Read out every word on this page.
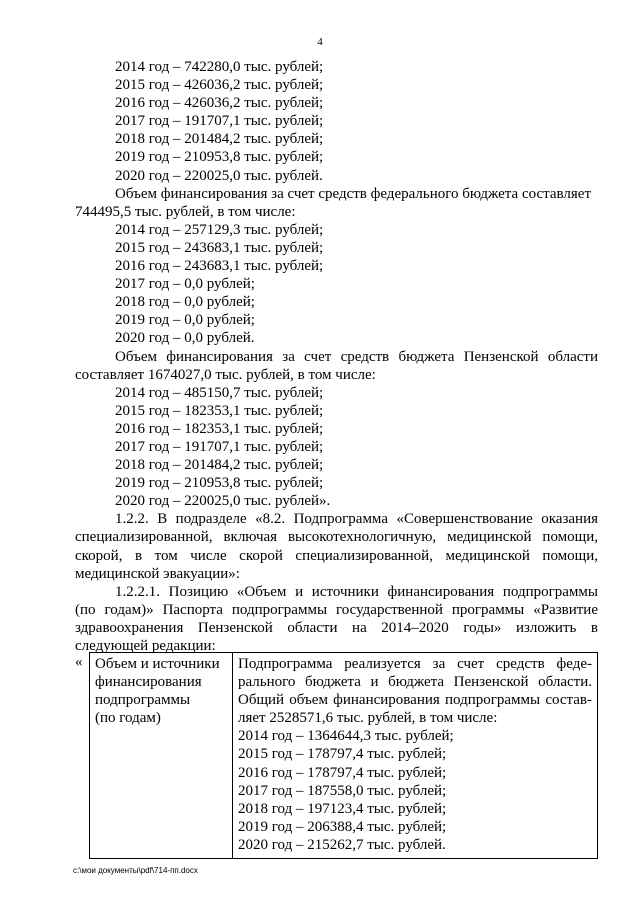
4
2014 год – 742280,0 тыс. рублей;
2015 год – 426036,2 тыс. рублей;
2016 год – 426036,2 тыс. рублей;
2017 год – 191707,1 тыс. рублей;
2018 год – 201484,2 тыс. рублей;
2019 год – 210953,8 тыс. рублей;
2020 год – 220025,0 тыс. рублей.
Объем финансирования за счет средств федерального бюджета составляет
744495,5 тыс. рублей, в том числе:
2014 год – 257129,3 тыс. рублей;
2015 год – 243683,1 тыс. рублей;
2016 год – 243683,1 тыс. рублей;
2017 год – 0,0 рублей;
2018 год – 0,0 рублей;
2019 год – 0,0 рублей;
2020 год – 0,0 рублей.
Объем финансирования за счет средств бюджета Пензенской области
составляет 1674027,0 тыс. рублей, в том числе:
2014 год – 485150,7 тыс. рублей;
2015 год – 182353,1 тыс. рублей;
2016 год – 182353,1 тыс. рублей;
2017 год – 191707,1 тыс. рублей;
2018 год – 201484,2 тыс. рублей;
2019 год – 210953,8 тыс. рублей;
2020 год – 220025,0 тыс. рублей».
1.2.2. В подразделе «8.2. Подпрограмма «Совершенствование оказания
специализированной, включая высокотехнологичную, медицинской помощи,
скорой, в том числе скорой специализированной, медицинской помощи,
медицинской эвакуации»:
1.2.2.1. Позицию «Объем и источники финансирования подпрограммы
(по годам)» Паспорта подпрограммы государственной программы «Развитие
здравоохранения Пензенской области на 2014–2020 годы» изложить в
следующей редакции:
« Объем и источники
финансирования
подпрограммы
(по годам)

Подпрограмма реализуется за счет средств феде-
рального бюджета и бюджета Пензенской области.
Общий объем финансирования подпрограммы состав-
ляет 2528571,6 тыс. рублей, в том числе:
2014 год – 1364644,3 тыс. рублей;
2015 год – 178797,4 тыс. рублей;
2016 год – 178797,4 тыс. рублей;
2017 год – 187558,0 тыс. рублей;
2018 год – 197123,4 тыс. рублей;
2019 год – 206388,4 тыс. рублей;
2020 год – 215262,7 тыс. рублей.
c:\мои документы\pdf\714-пп.docx
